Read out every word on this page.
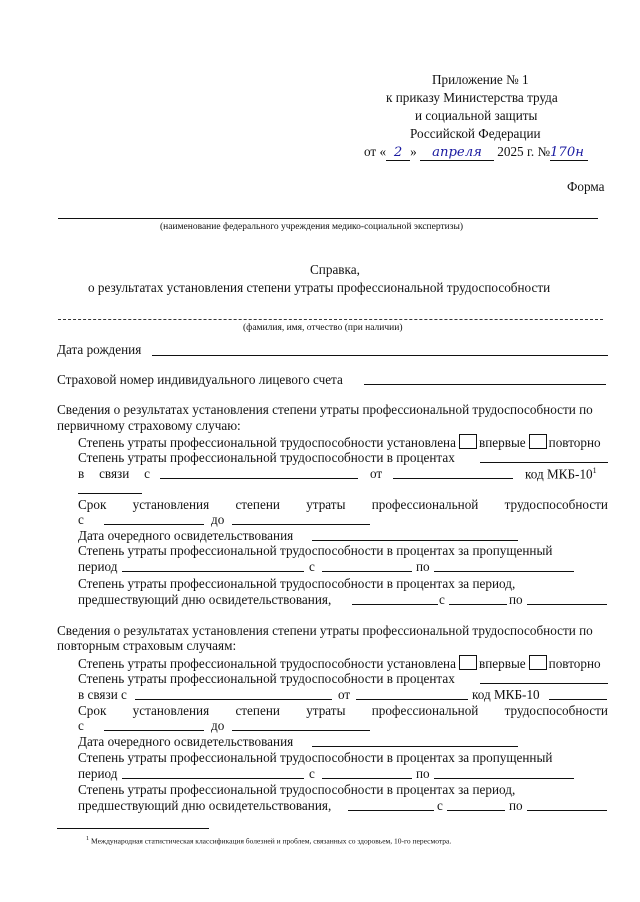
Приложение № 1
к приказу Министерства труда
и социальной защиты
Российской Федерации
от « 2 » апреля 2025 г. №170н
Форма
(наименование федерального учреждения медико-социальной экспертизы)
Справка,
о результатах установления степени утраты профессиональной трудоспособности
(фамилия, имя, отчество (при наличии)
Дата рождения
Страховой номер индивидуального лицевого счета
Сведения о результатах установления степени утраты профессиональной трудоспособности по
первичному страховому случаю:
Степень утраты профессиональной трудоспособности установлена впервые повторно
Степень утраты профессиональной трудоспособности в процентах
в связи с	от	код МКБ-$10^1$
Срок установления степени утраты профессиональной трудоспособности
с	до
Дата очередного освидетельствования
Степень утраты профессиональной трудоспособности в процентах за пропущенный
период	с	по
Степень утраты профессиональной трудоспособности в процентах за период,
предшествующий дню освидетельствования,	с	по
Сведения о результатах установления степени утраты профессиональной трудоспособности по
повторным страховым случаям:
Степень утраты профессиональной трудоспособности установлена впервые повторно
Степень утраты профессиональной трудоспособности в процентах
в связи с	от	код МКБ-10
Срок установления степени утраты профессиональной трудоспособности
с	до
Дата очередного освидетельствования
Степень утраты профессиональной трудоспособности в процентах за пропущенный
период	с	по
Степень утраты профессиональной трудоспособности в процентах за период,
предшествующий дню освидетельствования,	с	по
$^1$ Международная статистическая классификация болезней и проблем, связанных со здоровьем, 10-го пересмотра.
